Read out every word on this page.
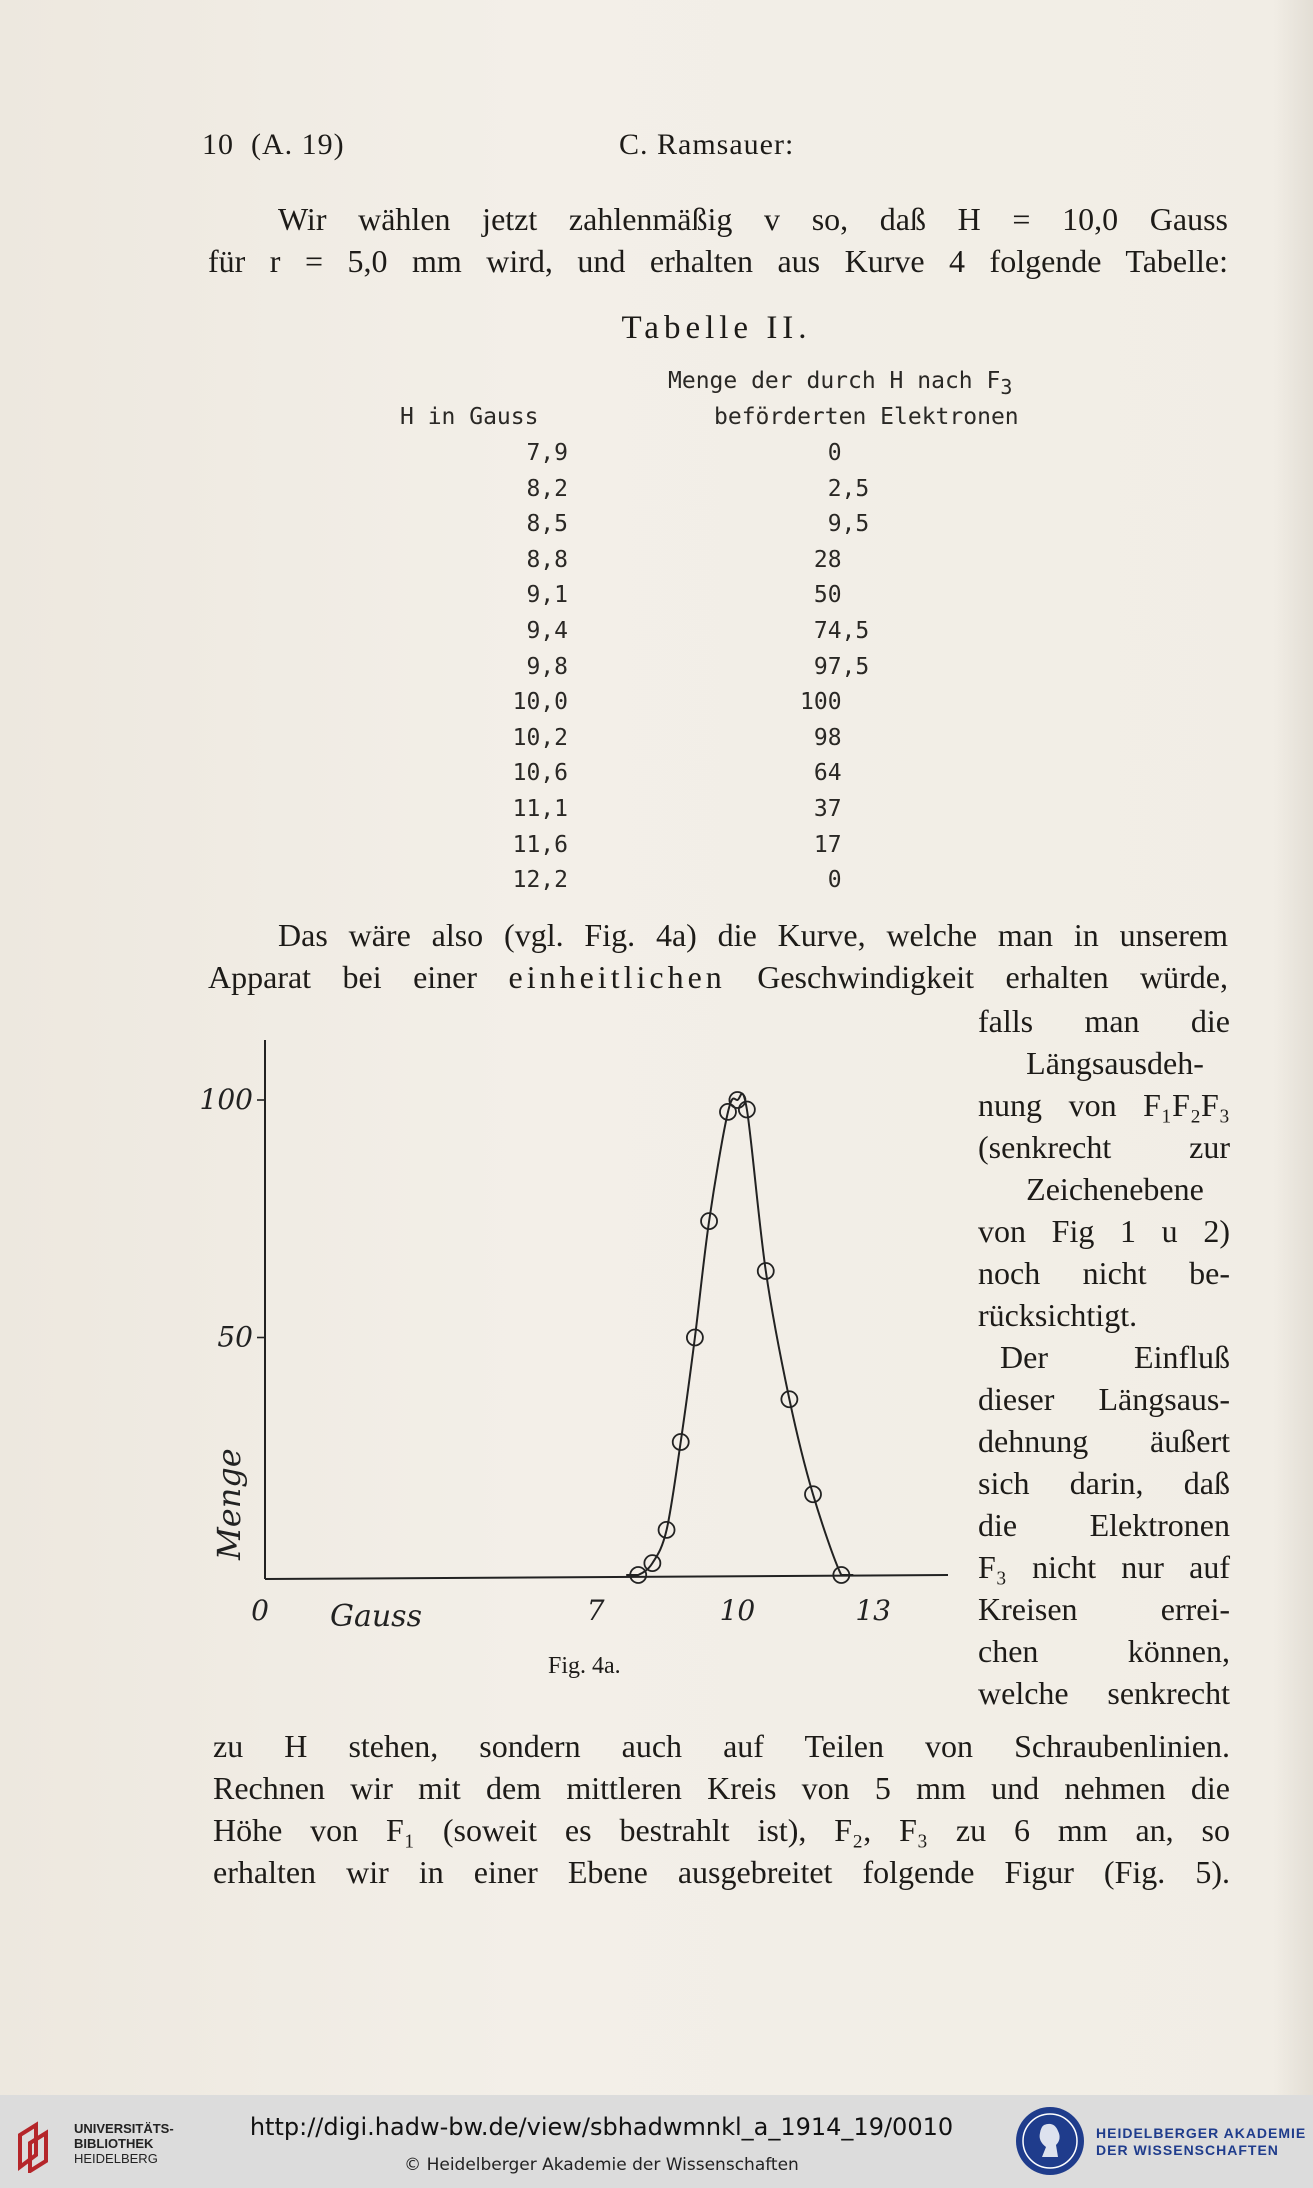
10 (A. 19)	C. Ramsauer:
Wir wählen jetzt zahlenmäßig v so, daß H = 10,0 Gauss
für r = 5,0 mm wird, und erhalten aus Kurve 4 folgende Tabelle:
Tabelle II.
Menge der durch H nach $F_3$
H in Gauss	beförderten Elektronen
7,9	0
8,2	2,5
8,5	9,5
8,8	28
9,1	50
9,4	74,5
9,8	97,5
10,0	100
10,2	98
10,6	64
11,1	37
11,6	17
12,2	0
Das wäre also (vgl. Fig. 4a) die Kurve, welche man in unserem
Apparat bei einer einheitlichen Geschwindigkeit erhalten würde,
falls man die
Längsausdeh-
nung von F₁F₂F₃
(senkrecht zur
Zeichenebene
von Fig 1 u 2)
noch nicht be-
rücksichtigt.
Der Einfluß
dieser Längsaus-
dehnung äußert
sich darin, daß
die Elektronen
F₃ nicht nur auf
Kreisen errei-
chen können,
welche senkrecht
100
50
0	7	10	13
Gauss
Menge
Fig. 4a.
zu H stehen, sondern auch auf Teilen von Schraubenlinien.
Rechnen wir mit dem mittleren Kreis von 5 mm und nehmen die
Höhe von F₁ (soweit es bestrahlt ist), F₂, F₃ zu 6 mm an, so
erhalten wir in einer Ebene ausgebreitet folgende Figur (Fig. 5).
UNIVERSITÄTS-
BIBLIOTHEK
HEIDELBERG
http://digi.hadw-bw.de/view/sbhadwmnkl_a_1914_19/0010
© Heidelberger Akademie der Wissenschaften
HEIDELBERGER AKADEMIE
DER WISSENSCHAFTEN
